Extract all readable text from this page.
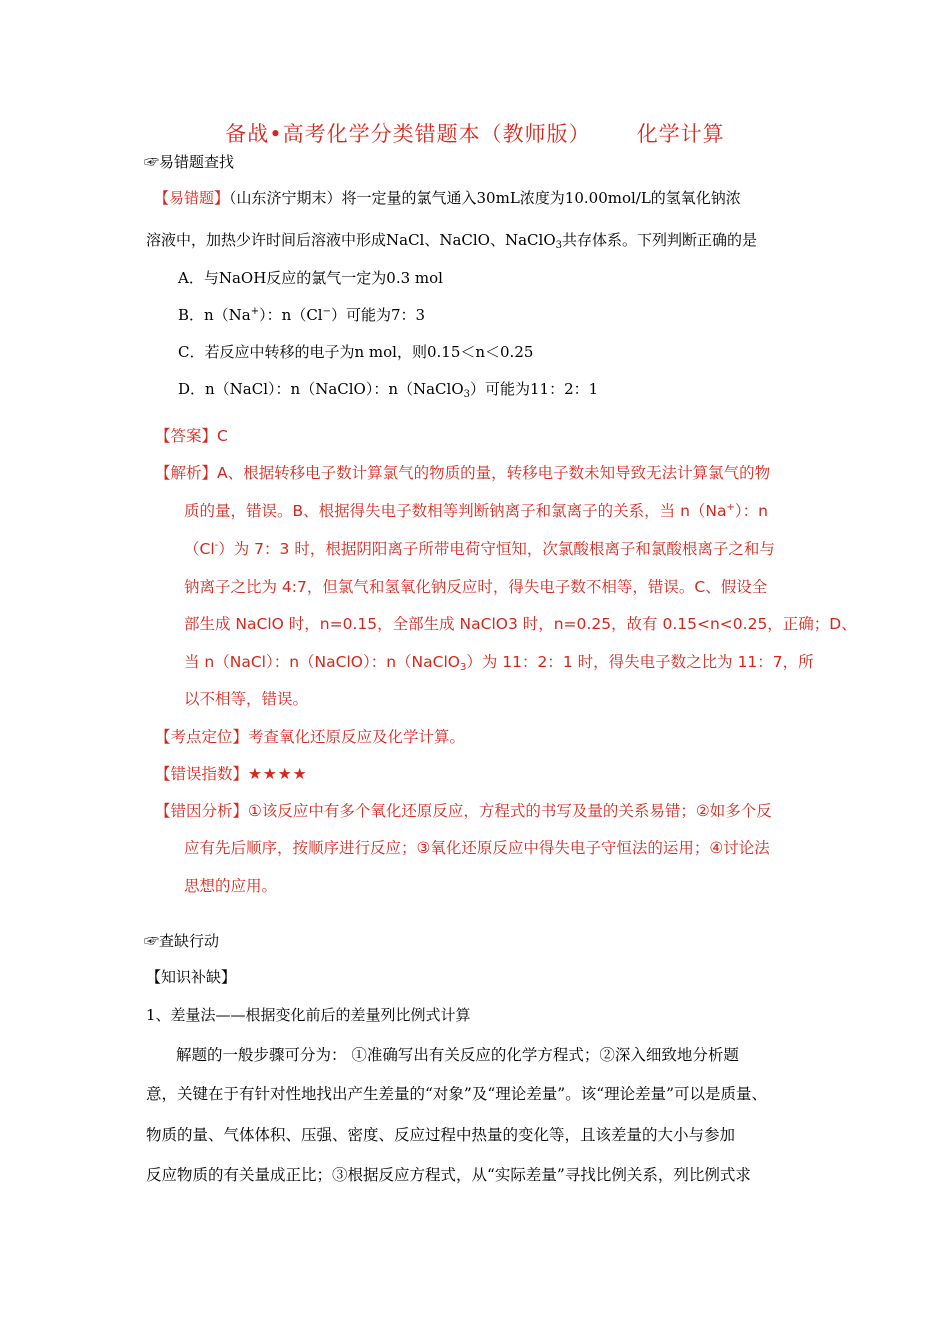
备战•高考化学分类错题本（教师版） 化学计算
☞易错题查找
【易错题】（山东济宁期末）将一定量的氯气通入30mL浓度为10.00mol/L的氢氧化钠浓
溶液中，加热少许时间后溶液中形成NaCl、NaClO、NaClO$_3$共存体系。下列判断正确的是
A．与NaOH反应的氯气一定为0.3 mol
B．n（Na+）：n（Cl−）可能为7：3
C．若反应中转移的电子为n mol，则0.15＜n＜0.25
D．n（NaCl）：n（NaClO）：n（NaClO$_3$）可能为11：2：1
【答案】C
【解析】A、根据转移电子数计算氯气的物质的量，转移电子数未知导致无法计算氯气的物
质的量，错误。B、根据得失电子数相等判断钠离子和氯离子的关系，当 n（Na+）：n
（Cl-）为 7：3 时，根据阴阳离子所带电荷守恒知，次氯酸根离子和氯酸根离子之和与
钠离子之比为 4:7，但氯气和氢氧化钠反应时，得失电子数不相等，错误。C、假设全
部生成 NaClO 时，n=0.15，全部生成 NaClO3 时，n=0.25，故有 0.15<n<0.25，正确；D、
当 n（NaCl）：n（NaClO）：n（NaClO$_3$）为 11：2：1 时，得失电子数之比为 11：7，所
以不相等，错误。
【考点定位】考查氧化还原反应及化学计算。
【错误指数】★★★★
【错因分析】①该反应中有多个氧化还原反应，方程式的书写及量的关系易错；②如多个反
应有先后顺序，按顺序进行反应；③氧化还原反应中得失电子守恒法的运用；④讨论法
思想的应用。
☞查缺行动
【知识补缺】
1、差量法——根据变化前后的差量列比例式计算
解题的一般步骤可分为： ①准确写出有关反应的化学方程式；②深入细致地分析题
意，关键在于有针对性地找出产生差量的“对象”及“理论差量”。该“理论差量”可以是质量、
物质的量、气体体积、压强、密度、反应过程中热量的变化等，且该差量的大小与参加
反应物质的有关量成正比；③根据反应方程式，从“实际差量”寻找比例关系，列比例式求
